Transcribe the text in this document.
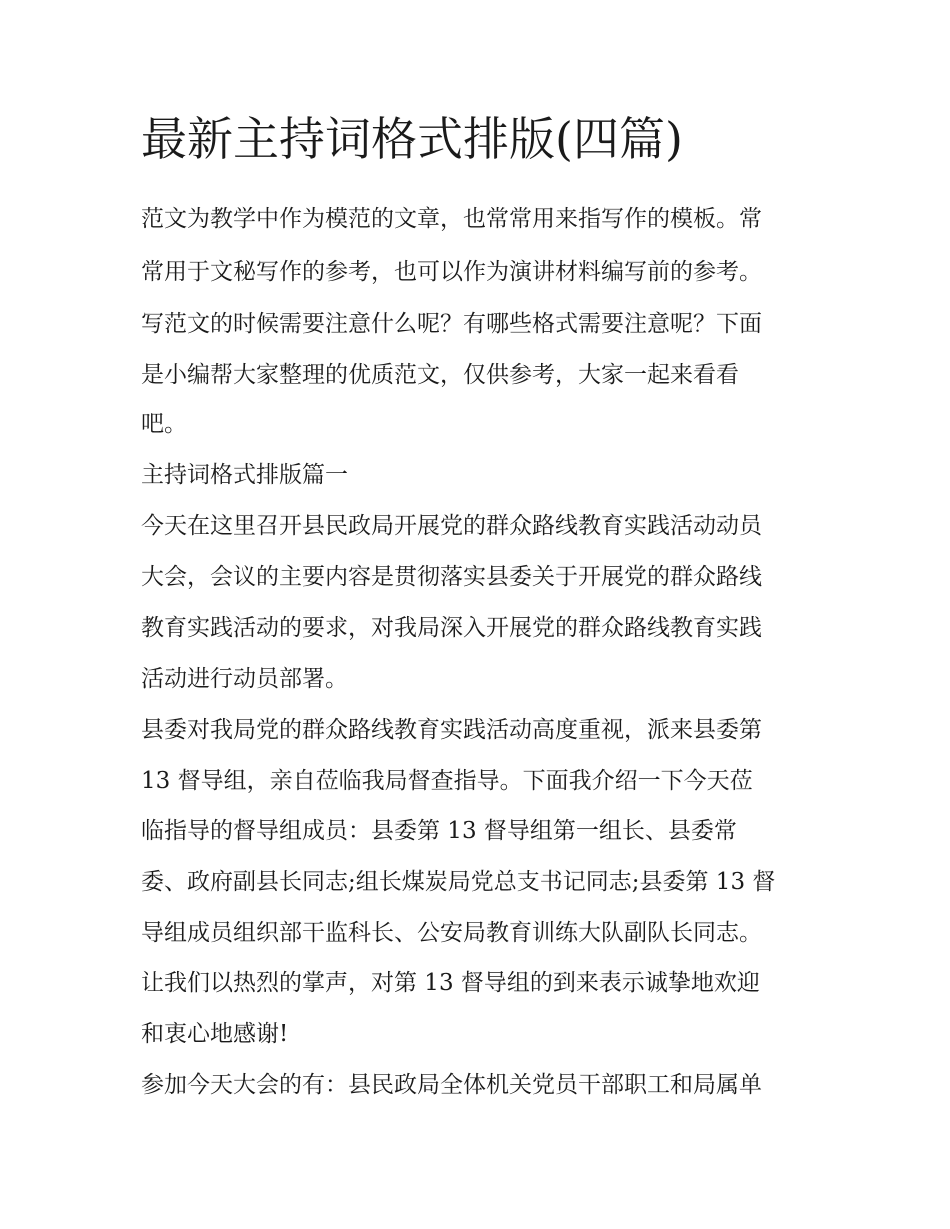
最新主持词格式排版(四篇)

范文为教学中作为模范的文章，也常常用来指写作的模板。常

常用于文秘写作的参考，也可以作为演讲材料编写前的参考。

写范文的时候需要注意什么呢？有哪些格式需要注意呢？下面

是小编帮大家整理的优质范文，仅供参考，大家一起来看看

吧。

主持词格式排版篇一

今天在这里召开县民政局开展党的群众路线教育实践活动动员

大会，会议的主要内容是贯彻落实县委关于开展党的群众路线

教育实践活动的要求，对我局深入开展党的群众路线教育实践

活动进行动员部署。

县委对我局党的群众路线教育实践活动高度重视，派来县委第

13 督导组，亲自莅临我局督查指导。下面我介绍一下今天莅

临指导的督导组成员：县委第 13 督导组第一组长、县委常

委、政府副县长同志;组长煤炭局党总支书记同志;县委第 13 督

导组成员组织部干监科长、公安局教育训练大队副队长同志。

让我们以热烈的掌声，对第 13 督导组的到来表示诚挚地欢迎

和衷心地感谢!

参加今天大会的有：县民政局全体机关党员干部职工和局属单
